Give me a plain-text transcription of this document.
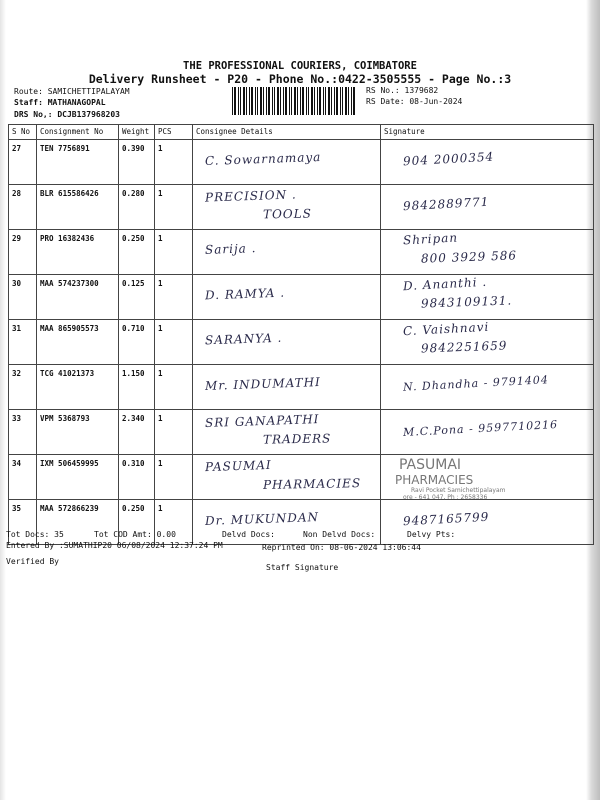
THE PROFESSIONAL COURIERS, COIMBATORE
Delivery Runsheet - P20 - Phone No.:0422-3505555 - Page No.:3
Route: SAMICHETTIPALAYAM
Staff: MATHANAGOPAL
DRS No,: DCJB137968203
RS No.: 1379682
RS Date: 08-Jun-2024
S No	Consignment No	Weight	PCS	Consignee Details	Signature
27	TEN 7756891	0.390	1	C. Sowarnamaya	904 2000354

28	BLR 615586426	0.280	1	PRECISION .
TOOLS	9842889771

29	PRO 16382436	0.250	1	Sarija .	Shripan
800 3929 586

30	MAA 574237300	0.125	1	D. RAMYA .	D. Ananthi .
9843109131.

31	MAA 865905573	0.710	1	SARANYA .	C. Vaishnavi
9842251659

32	TCG 41021373	1.150	1	Mr. INDUMATHI	N. Dhandha - 9791404

33	VPM 5368793	2.340	1	SRI GANAPATHI
TRADERS	M.C.Pona - 9597710216

34	IXM 506459995	0.310	1	PASUMAI
PHARMACIES	PASUMAI
PHARMACIES
Ravi Pocket Samichettipalayam
ore - 641 047, Ph : 2658336

35	MAA 572866239	0.250	1	Dr. MUKUNDAN	9487165799
Tot Docs: 35	Tot COD Amt: 0.00	Delvd Docs:	Non Delvd Docs:	Delvy Pts:
Entered By :SUMATHIP20 06/08/2024 12:37:24 PM	Reprinted On: 08-06-2024 13:06:44
Verified By
Staff Signature
